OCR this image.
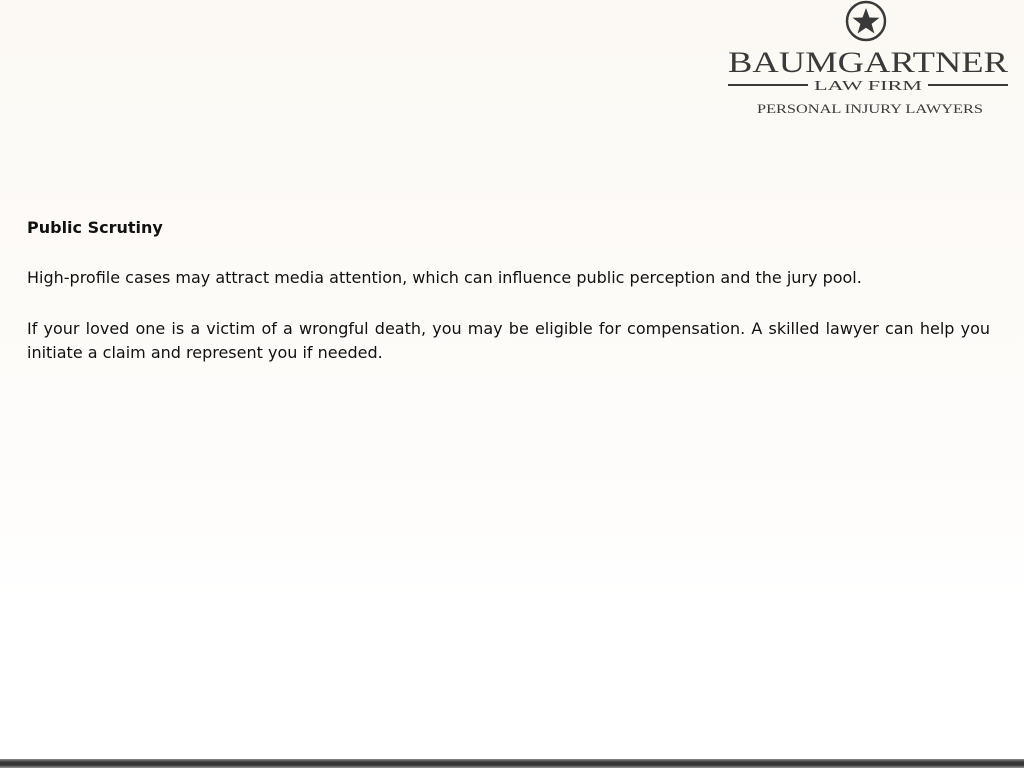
BAUMGARTNER
LAW FIRM
PERSONAL INJURY LAWYERS

Public Scrutiny

High-profile cases may attract media attention, which can influence public perception and the jury pool.

If your loved one is a victim of a wrongful death, you may be eligible for compensation. A skilled lawyer can help you initiate a claim and represent you if needed.
